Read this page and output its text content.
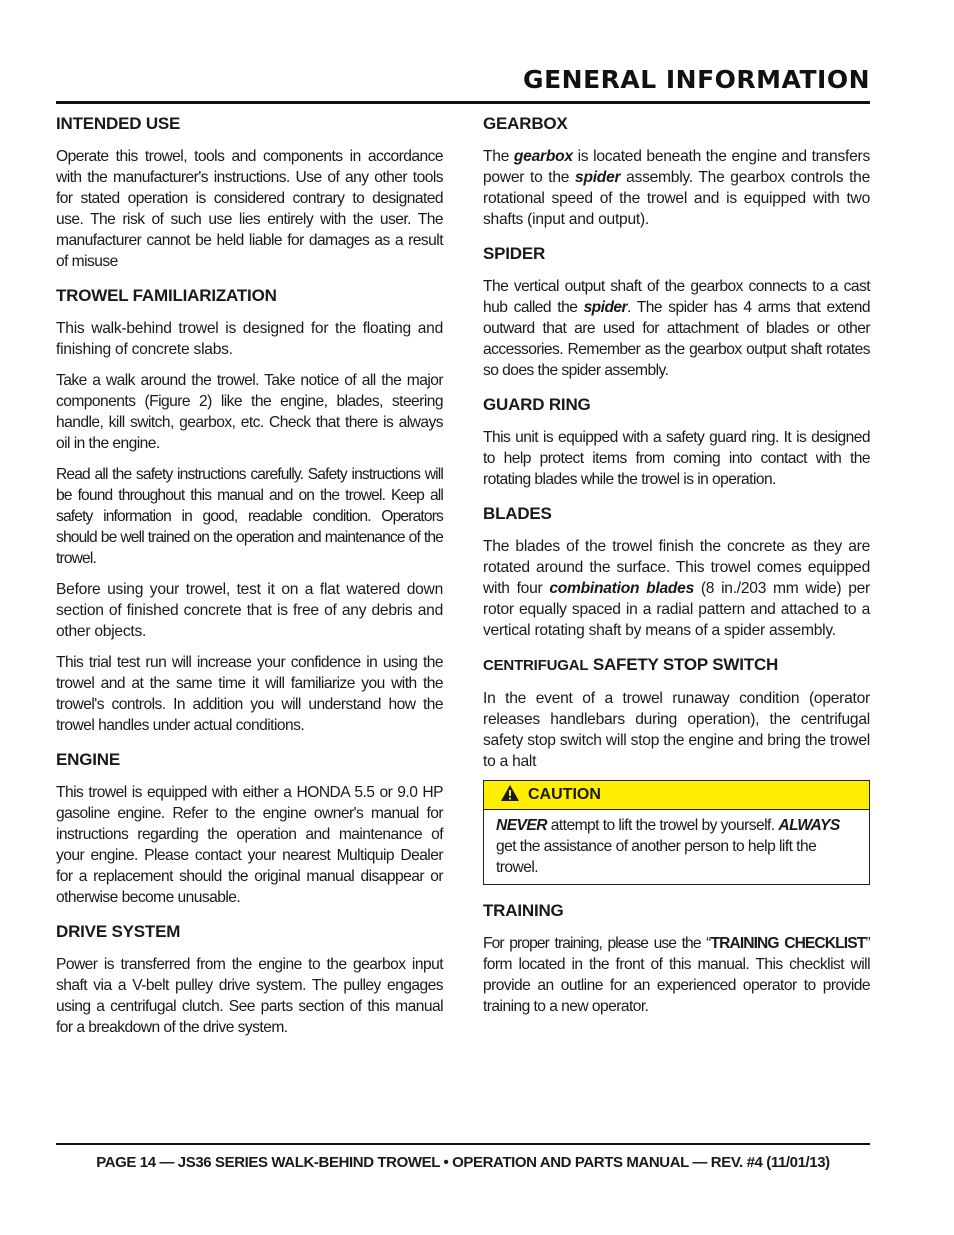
GENERAL INFORMATION
INTENDED USE

Operate this trowel, tools and components in accordance with the manufacturer's instructions. Use of any other tools for stated operation is considered contrary to designated use. The risk of such use lies entirely with the user. The manufacturer cannot be held liable for damages as a result of misuse

TROWEL FAMILIARIZATION

This walk-behind trowel is designed for the floating and finishing of concrete slabs.

Take a walk around the trowel. Take notice of all the major components (Figure 2) like the engine, blades, steering handle, kill switch, gearbox, etc. Check that there is always oil in the engine.

Read all the safety instructions carefully. Safety instructions will be found throughout this manual and on the trowel. Keep all safety information in good, readable condition. Operators should be well trained on the operation and maintenance of the trowel.

Before using your trowel, test it on a flat watered down section of finished concrete that is free of any debris and other objects.

This trial test run will increase your confidence in using the trowel and at the same time it will familiarize you with the trowel's controls. In addition you will understand how the trowel handles under actual conditions.

ENGINE

This trowel is equipped with either a HONDA 5.5 or 9.0 HP gasoline engine. Refer to the engine owner's manual for instructions regarding the operation and maintenance of your engine. Please contact your nearest Multiquip Dealer for a replacement should the original manual disappear or otherwise become unusable.

DRIVE SYSTEM

Power is transferred from the engine to the gearbox input shaft via a V-belt pulley drive system. The pulley engages using a centrifugal clutch. See parts section of this manual for a breakdown of the drive system.

GEARBOX

The gearbox is located beneath the engine and transfers power to the spider assembly. The gearbox controls the rotational speed of the trowel and is equipped with two shafts (input and output).

SPIDER

The vertical output shaft of the gearbox connects to a cast hub called the spider. The spider has 4 arms that extend outward that are used for attachment of blades or other accessories. Remember as the gearbox output shaft rotates so does the spider assembly.

GUARD RING

This unit is equipped with a safety guard ring. It is designed to help protect items from coming into contact with the rotating blades while the trowel is in operation.

BLADES

The blades of the trowel finish the concrete as they are rotated around the surface. This trowel comes equipped with four combination blades (8 in./203 mm wide) per rotor equally spaced in a radial pattern and attached to a vertical rotating shaft by means of a spider assembly.

CENTRIFUGAL SAFETY STOP SWITCH

In the event of a trowel runaway condition (operator releases handlebars during operation), the centrifugal safety stop switch will stop the engine and bring the trowel to a halt

CAUTION
NEVER attempt to lift the trowel by yourself. ALWAYS get the assistance of another person to help lift the trowel.
TRAINING

For proper training, please use the “TRAINING CHECKLIST” form located in the front of this manual. This checklist will provide an outline for an experienced operator to provide training to a new operator.

PAGE 14 — JS36 SERIES WALK-BEHIND TROWEL • OPERATION AND PARTS MANUAL — REV. #4 (11/01/13)
